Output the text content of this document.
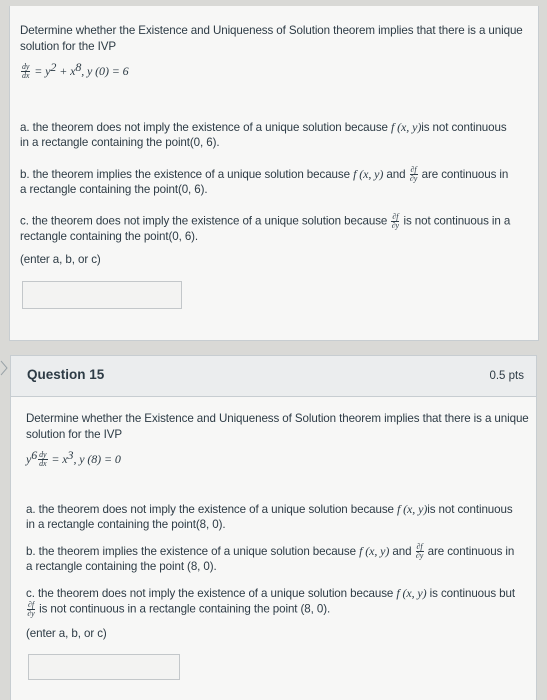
Determine whether the Existence and Uniqueness of Solution theorem implies that there is a unique
solution for the IVP
$\frac{dy}{dx} = y^2 + x^8$, y (0) = 6
a. the theorem does not imply the existence of a unique solution because f (x, y)is not continuous
in a rectangle containing the point(0, 6).
b. the theorem implies the existence of a unique solution because f (x, y) and $\frac{\partial f}{\partial y}$ are continuous in
a rectangle containing the point(0, 6).
c. the theorem does not imply the existence of a unique solution because $\frac{\partial f}{\partial y}$ is not continuous in a
rectangle containing the point(0, 6).
(enter a, b, or c)
Question 15	0.5 pts
Determine whether the Existence and Uniqueness of Solution theorem implies that there is a unique
solution for the IVP
$y^6 \frac{dy}{dx} = x^3$, y (8) = 0
a. the theorem does not imply the existence of a unique solution because f (x, y)is not continuous
in a rectangle containing the point(8, 0).
b. the theorem implies the existence of a unique solution because f (x, y) and $\frac{\partial f}{\partial y}$ are continuous in
a rectangle containing the point (8, 0).
c. the theorem does not imply the existence of a unique solution because f (x, y) is continuous but
$\frac{\partial f}{\partial y}$ is not continuous in a rectangle containing the point (8, 0).
(enter a, b, or c)
